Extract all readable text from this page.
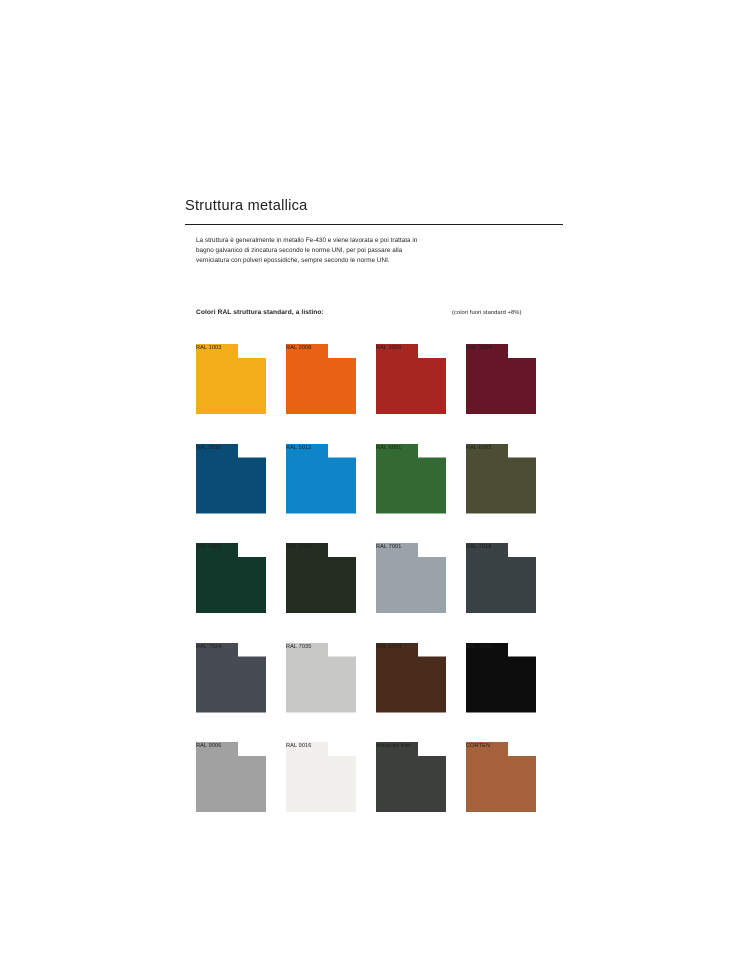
Struttura metallica
La struttura è generalmente in metallo Fe-430 e viene lavorata e poi trattata in bagno galvanico di zincatura secondo le norme UNI, per poi passare alla verniciatura con polveri epossidiche, sempre secondo le norme UNI.
Colori RAL struttura standard, a listino:	(colori fuori standard +8%)
RAL 1003	RAL 2008	RAL 3000	RAL 3004
RAL 5010	RAL 5012	RAL 6001	RAL 6003
RAL 6005	RAL 6009	RAL 7001	RAL 7018
RAL 7024	RAL 7035	RAL 8014	RAL 9005
RAL 9006	RAL 9016	Antracite liver	CORTEN
